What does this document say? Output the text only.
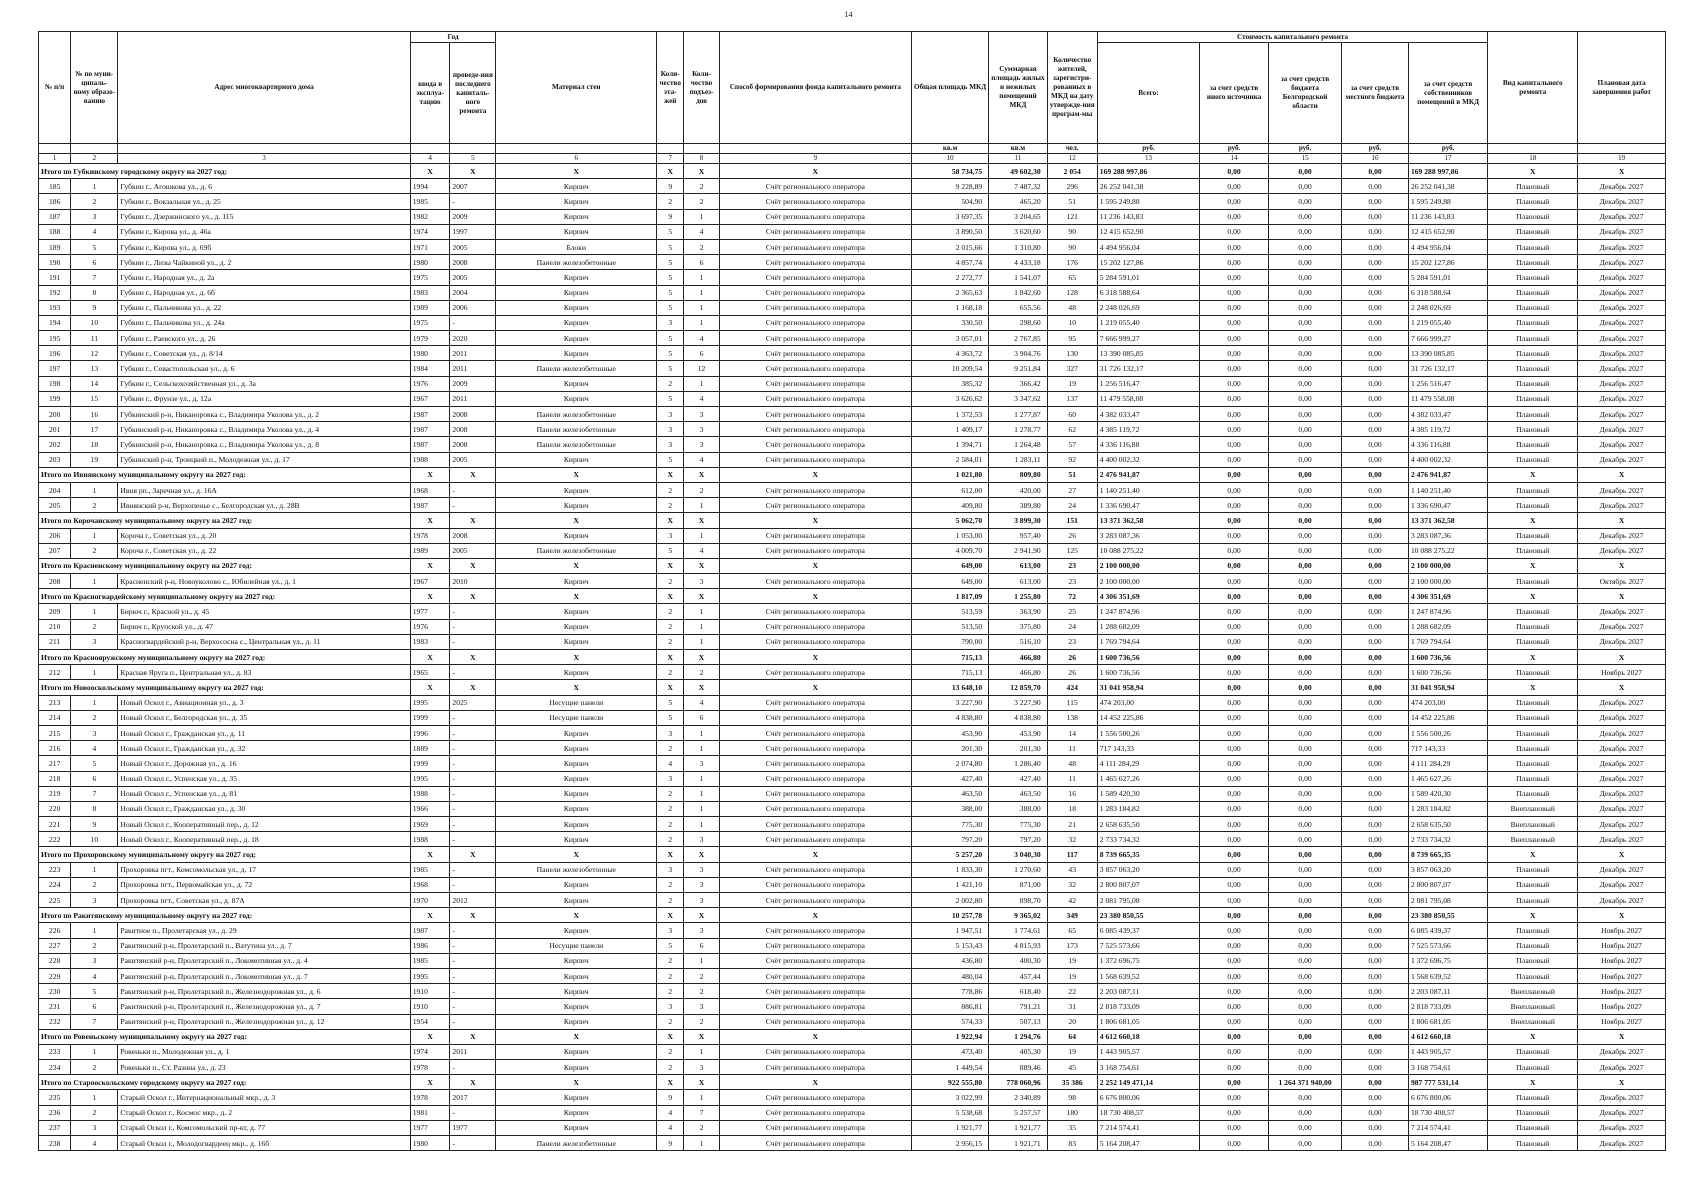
14
№ п/п	№ по муни-ципаль-ному образо-ванию	Адрес многоквартирного дома	Год		Материал стен	Коли-чество эта-жей	Коли-чество подъез-дов	Способ формирования фонда капитального ремонта	Общая площадь МКД	Суммарная площадь жилых и нежилых помещений МКД	Количество жителей, зарегистри-рованных в МКД на дату утвержде-ния програм-мы	Стоимость капитального ремонта					Вид капитального ремонта	Плановая дата завершения работ
			ввода в эксплуа-тацию	проведе-ния последнего капиталь-ного ремонта								Всего:	за счет средств иного источника	за счет средств бюджета Белгородской области	за счет средств местного бюджета	за счет средств собственников помещений в МКД		
									кв.м	кв.м	чел.	руб.	руб.	руб.	руб.	руб.		
1	2	3	4	5	6	7	8	9	10	11	12	13	14	15	16	17	18	19
Итого по Губкинскому городскому округу на 2027 год:			X	X	X	X	X	X	58 734,75	49 602,30	2 054	169 288 997,86	0,00	0,00	0,00	169 288 997,86	X	X
185	1	Губкин г., Агошкова ул., д. 6	1994	2007	Кирпич	9	2	Счёт регионального оператора	9 228,89	7 487,32	296	26 252 041,38	0,00	0,00	0,00	26 252 041,38	Плановый	Декабрь 2027
186	2	Губкин г., Вокзальная ул., д. 25	1985	-	Кирпич	2	2	Счёт регионального оператора	504,90	465,20	51	1 595 249,88	0,00	0,00	0,00	1 595 249,88	Плановый	Декабрь 2027
187	3	Губкин г., Дзержинского ул., д. 115	1982	2009	Кирпич	9	1	Счёт регионального оператора	3 697,35	3 204,65	121	11 236 143,83	0,00	0,00	0,00	11 236 143,83	Плановый	Декабрь 2027
188	4	Губкин г., Кирова ул., д. 46а	1974	1997	Кирпич	5	4	Счёт регионального оператора	3 890,50	3 620,60	90	12 415 652,90	0,00	0,00	0,00	12 415 652,90	Плановый	Декабрь 2027
189	5	Губкин г., Кирова ул., д. 69б	1971	2005	Блоки	5	2	Счёт регионального оператора	2 015,66	1 310,80	90	4 494 956,04	0,00	0,00	0,00	4 494 956,04	Плановый	Декабрь 2027
190	6	Губкин г., Лизы Чайкиной ул., д. 2	1980	2008	Панели железобетонные	5	6	Счёт регионального оператора	4 857,74	4 433,18	176	15 202 127,86	0,00	0,00	0,00	15 202 127,86	Плановый	Декабрь 2027
191	7	Губкин г., Народная ул., д. 2а	1975	2005	Кирпич	5	1	Счёт регионального оператора	2 272,77	1 541,07	65	5 284 591,01	0,00	0,00	0,00	5 284 591,01	Плановый	Декабрь 2027
192	8	Губкин г., Народная ул., д. 6б	1983	2004	Кирпич	5	1	Счёт регионального оператора	2 365,63	1 842,60	128	6 318 588,64	0,00	0,00	0,00	6 318 588,64	Плановый	Декабрь 2027
193	9	Губкин г., Пальчикова ул., д. 22	1989	2006	Кирпич	5	1	Счёт регионального оператора	1 168,18	655,56	48	2 248 026,69	0,00	0,00	0,00	2 248 026,69	Плановый	Декабрь 2027
194	10	Губкин г., Пальчикова ул., д. 24а	1975	-	Кирпич	3	1	Счёт регионального оператора	330,50	298,60	10	1 219 055,40	0,00	0,00	0,00	1 219 055,40	Плановый	Декабрь 2027
195	11	Губкин г., Раевского ул., д. 26	1979	2020	Кирпич	5	4	Счёт регионального оператора	3 057,01	2 767,85	95	7 666 999,27	0,00	0,00	0,00	7 666 999,27	Плановый	Декабрь 2027
196	12	Губкин г., Советская ул., д. 8/14	1980	2011	Кирпич	5	6	Счёт регионального оператора	4 363,72	3 904,76	130	13 390 085,85	0,00	0,00	0,00	13 390 085,85	Плановый	Декабрь 2027
197	13	Губкин г., Севастопольская ул., д. 6	1984	2011	Панели железобетонные	5	12	Счёт регионального оператора	10 209,54	9 251,84	327	31 726 132,17	0,00	0,00	0,00	31 726 132,17	Плановый	Декабрь 2027
198	14	Губкин г., Сельскохозяйственная ул., д. 3а	1976	2009	Кирпич	2	1	Счёт регионального оператора	385,32	366,42	19	1 256 516,47	0,00	0,00	0,00	1 256 516,47	Плановый	Декабрь 2027
199	15	Губкин г., Фрунзе ул., д. 12а	1967	2011	Кирпич	5	4	Счёт регионального оператора	3 626,62	3 347,62	137	11 479 558,08	0,00	0,00	0,00	11 479 558,08	Плановый	Декабрь 2027
200	16	Губкинский р-н, Никаноровка с., Владимира Уколова ул., д. 2	1987	2008	Панели железобетонные	3	3	Счёт регионального оператора	1 372,53	1 277,87	60	4 382 033,47	0,00	0,00	0,00	4 382 033,47	Плановый	Декабрь 2027
201	17	Губкинский р-н, Никаноровка с., Владимира Уколова ул., д. 4	1987	2008	Панели железобетонные	3	3	Счёт регионального оператора	1 409,17	1 278,77	62	4 385 119,72	0,00	0,00	0,00	4 385 119,72	Плановый	Декабрь 2027
202	18	Губкинский р-н, Никаноровка с., Владимира Уколова ул., д. 8	1987	2008	Панели железобетонные	3	3	Счёт регионального оператора	1 394,71	1 264,48	57	4 336 116,88	0,00	0,00	0,00	4 336 116,88	Плановый	Декабрь 2027
203	19	Губкинский р-н, Троицкий п., Молодежная ул., д. 17	1988	2005	Кирпич	5	4	Счёт регионального оператора	2 584,01	1 283,11	92	4 400 002,32	0,00	0,00	0,00	4 400 002,32	Плановый	Декабрь 2027
Итого по Ивнянскому муниципальному округу на 2027 год:			X	X	X	X	X	X	1 021,80	809,80	51	2 476 941,87	0,00	0,00	0,00	2 476 941,87	X	X
204	1	Ивня рп., Заречная ул., д. 16А	1968	-	Кирпич	2	2	Счёт регионального оператора	612,00	420,00	27	1 140 251,40	0,00	0,00	0,00	1 140 251,40	Плановый	Декабрь 2027
205	2	Ивнянский р-н, Верхопенье с., Белгородская ул., д. 28В	1987	-	Кирпич	2	1	Счёт регионального оператора	409,80	389,80	24	1 336 690,47	0,00	0,00	0,00	1 336 690,47	Плановый	Декабрь 2027
Итого по Корочанскому муниципальному округу на 2027 год:			X	X	X	X	X	X	5 062,70	3 899,30	151	13 371 362,58	0,00	0,00	0,00	13 371 362,58	X	X
206	1	Короча г., Советская ул., д. 20	1978	2008	Кирпич	3	1	Счёт регионального оператора	1 053,00	957,40	26	3 283 087,36	0,00	0,00	0,00	3 283 087,36	Плановый	Декабрь 2027
207	2	Короча г., Советская ул., д. 22	1989	2005	Панели железобетонные	5	4	Счёт регионального оператора	4 009,70	2 941,90	125	10 088 275,22	0,00	0,00	0,00	10 088 275,22	Плановый	Декабрь 2027
Итого по Красненскому муниципальному округу на 2027 год:			X	X	X	X	X	X	649,00	613,00	23	2 100 000,00	0,00	0,00	0,00	2 100 000,00	X	X
208	1	Красненский р-н, Новоуколово с., Юбилейная ул., д. 1	1967	2010	Кирпич	2	3	Счёт регионального оператора	649,00	613,00	23	2 100 000,00	0,00	0,00	0,00	2 100 000,00	Плановый	Октябрь 2027
Итого по Красногвардейскому муниципальному округу на 2027 год:			X	X	X	X	X	X	1 817,09	1 255,80	72	4 306 351,69	0,00	0,00	0,00	4 306 351,69	X	X
209	1	Бирюч г., Красной ул., д. 45	1977	-	Кирпич	2	1	Счёт регионального оператора	513,59	363,90	25	1 247 874,96	0,00	0,00	0,00	1 247 874,96	Плановый	Декабрь 2027
210	2	Бирюч г., Крупской ул., д. 47	1976	-	Кирпич	2	1	Счёт регионального оператора	513,50	375,80	24	1 288 682,09	0,00	0,00	0,00	1 288 682,09	Плановый	Декабрь 2027
211	3	Красногвардейский р-н, Верхососна с., Центральная ул., д. 11	1983	-	Кирпич	2	1	Счёт регионального оператора	790,00	516,10	23	1 769 794,64	0,00	0,00	0,00	1 769 794,64	Плановый	Декабрь 2027
Итого по Краснояружскому муниципальному округу на 2027 год:			X	X	X	X	X	X	715,13	466,80	26	1 600 736,56	0,00	0,00	0,00	1 600 736,56	X	X
212	1	Красная Яруга п., Центральная ул., д. 83	1965	-	Кирпич	2	2	Счёт регионального оператора	715,13	466,80	26	1 600 736,56	0,00	0,00	0,00	1 600 736,56	Плановый	Ноябрь 2027
Итого по Новооскольскому муниципальному округу на 2027 год:			X	X	X	X	X	X	13 648,10	12 859,70	424	31 041 958,94	0,00	0,00	0,00	31 041 958,94	X	X
213	1	Новый Оскол г., Авиационная ул., д. 3	1995	2025	Несущие панели	5	4	Счёт регионального оператора	3 227,90	3 227,90	115	474 203,00	0,00	0,00	0,00	474 203,00	Плановый	Декабрь 2027
214	2	Новый Оскол г., Белгородская ул., д. 35	1999	-	Несущие панели	5	6	Счёт регионального оператора	4 838,80	4 838,80	138	14 452 225,86	0,00	0,00	0,00	14 452 225,86	Плановый	Декабрь 2027
215	3	Новый Оскол г., Гражданская ул., д. 11	1996	-	Кирпич	3	1	Счёт регионального оператора	453,90	453,90	14	1 556 500,26	0,00	0,00	0,00	1 556 500,26	Плановый	Декабрь 2027
216	4	Новый Оскол г., Гражданская ул., д. 32	1889	-	Кирпич	2	1	Счёт регионального оператора	201,30	201,30	11	717 143,33	0,00	0,00	0,00	717 143,33	Плановый	Декабрь 2027
217	5	Новый Оскол г., Дорожная ул., д. 16	1999	-	Кирпич	4	3	Счёт регионального оператора	2 074,80	1 286,40	48	4 111 284,29	0,00	0,00	0,00	4 111 284,29	Плановый	Декабрь 2027
218	6	Новый Оскол г., Успенская ул., д. 35	1995	-	Кирпич	3	1	Счёт регионального оператора	427,40	427,40	11	1 465 627,26	0,00	0,00	0,00	1 465 627,26	Плановый	Декабрь 2027
219	7	Новый Оскол г., Успенская ул., д. 81	1988	-	Кирпич	2	1	Счёт регионального оператора	463,50	463,50	16	1 589 420,30	0,00	0,00	0,00	1 589 420,30	Плановый	Декабрь 2027
220	8	Новый Оскол г., Гражданская ул., д. 30	1966	-	Кирпич	2	1	Счёт регионального оператора	388,00	388,00	18	1 283 184,82	0,00	0,00	0,00	1 283 184,82	Внеплановый	Декабрь 2027
221	9	Новый Оскол г., Кооперативный пер., д. 12	1969	-	Кирпич	2	1	Счёт регионального оператора	775,30	775,30	21	2 658 635,50	0,00	0,00	0,00	2 658 635,50	Внеплановый	Декабрь 2027
222	10	Новый Оскол г., Кооперативный пер., д. 18	1988	-	Кирпич	2	3	Счёт регионального оператора	797,20	797,20	32	2 733 734,32	0,00	0,00	0,00	2 733 734,32	Внеплановый	Декабрь 2027
Итого по Прохоровскому муниципальному округу на 2027 год:			X	X	X	X	X	X	5 257,20	3 040,30	117	8 739 665,35	0,00	0,00	0,00	8 739 665,35	X	X
223	1	Прохоровка пгт., Комсомольская ул., д. 17	1985	-	Панели железобетонные	3	3	Счёт регионального оператора	1 833,30	1 270,60	43	3 857 063,20	0,00	0,00	0,00	3 857 063,20	Плановый	Декабрь 2027
224	2	Прохоровка пгт., Первомайская ул., д. 72	1968	-	Кирпич	2	3	Счёт регионального оператора	1 421,10	871,00	32	2 800 807,07	0,00	0,00	0,00	2 800 807,07	Плановый	Декабрь 2027
225	3	Прохоровка пгт., Советская ул., д. 87А	1970	2012	Кирпич	2	3	Счёт регионального оператора	2 002,80	898,70	42	2 081 795,08	0,00	0,00	0,00	2 081 795,08	Плановый	Декабрь 2027
Итого по Ракитянскому муниципальному округу на 2027 год:			X	X	X	X	X	X	10 257,78	9 365,02	349	23 380 850,55	0,00	0,00	0,00	23 380 850,55	X	X
226	1	Ракитное п., Пролетарская ул., д. 29	1987	-	Кирпич	3	3	Счёт регионального оператора	1 947,51	1 774,61	65	6 085 439,37	0,00	0,00	0,00	6 085 439,37	Плановый	Ноябрь 2027
227	2	Ракитянский р-н, Пролетарский п., Ватутина ул., д. 7	1986	-	Несущие панели	5	6	Счёт регионального оператора	5 153,43	4 815,93	173	7 525 573,66	0,00	0,00	0,00	7 525 573,66	Плановый	Ноябрь 2027
228	3	Ракитянский р-н, Пролетарский п., Локомотивная ул., д. 4	1985	-	Кирпич	2	1	Счёт регионального оператора	436,80	400,30	19	1 372 696,75	0,00	0,00	0,00	1 372 696,75	Плановый	Ноябрь 2027
229	4	Ракитянский р-н, Пролетарский п., Локомотивная ул., д. 7	1995	-	Кирпич	2	2	Счёт регионального оператора	480,04	457,44	19	1 568 639,52	0,00	0,00	0,00	1 568 639,52	Плановый	Ноябрь 2027
230	5	Ракитянский р-н, Пролетарский п., Железнодорожная ул., д. 6	1910	-	Кирпич	2	2	Счёт регионального оператора	778,86	618,40	22	2 203 087,11	0,00	0,00	0,00	2 203 087,11	Внеплановый	Ноябрь 2027
231	6	Ракитянский р-н, Пролетарский п., Железнодорожная ул., д. 7	1910	-	Кирпич	3	3	Счёт регионального оператора	886,81	791,21	31	2 818 733,09	0,00	0,00	0,00	2 818 733,09	Внеплановый	Ноябрь 2027
232	7	Ракитянский р-н, Пролетарский п., Железнодорожная ул., д. 12	1954	-	Кирпич	2	2	Счёт регионального оператора	574,33	507,13	20	1 806 681,05	0,00	0,00	0,00	1 806 681,05	Внеплановый	Ноябрь 2027
Итого по Ровеньскому муниципальному округу на 2027 год:			X	X	X	X	X	X	1 922,94	1 294,76	64	4 612 660,18	0,00	0,00	0,00	4 612 660,18	X	X
233	1	Ровеньки п., Молодежная ул., д. 1	1974	2011	Кирпич	2	1	Счёт регионального оператора	473,40	405,30	19	1 443 905,57	0,00	0,00	0,00	1 443 905,57	Плановый	Декабрь 2027
234	2	Ровеньки п., Ст. Разина ул., д. 23	1978	-	Кирпич	2	3	Счёт регионального оператора	1 449,54	889,46	45	3 168 754,61	0,00	0,00	0,00	3 168 754,61	Плановый	Декабрь 2027
Итого по Старооскольскому городскому округу на 2027 год:			X	X	X	X	X	X	922 555,80	778 060,96	35 386	2 252 149 471,14	0,00	1 264 371 940,00	0,00	987 777 531,14	X	X
235	1	Старый Оскол г., Интернациональный мкр., д. 3	1978	2017	Кирпич	9	1	Счёт регионального оператора	3 022,99	2 340,89	98	6 676 800,06	0,00	0,00	0,00	6 676 800,06	Плановый	Декабрь 2027
236	2	Старый Оскол г., Космос мкр., д. 2	1981	-	Кирпич	4	7	Счёт регионального оператора	5 538,68	5 257,57	180	18 730 408,57	0,00	0,00	0,00	18 730 408,57	Плановый	Декабрь 2027
237	3	Старый Оскол г., Комсомольский пр-кт, д. 77	1977	1977	Кирпич	4	2	Счёт регионального оператора	1 921,77	1 921,77	35	7 214 574,41	0,00	0,00	0,00	7 214 574,41	Плановый	Декабрь 2027
238	4	Старый Оскол г., Молодогвардеец мкр., д. 16б	1980	-	Панели железобетонные	9	1	Счёт регионального оператора	2 956,15	1 921,71	83	5 164 208,47	0,00	0,00	0,00	5 164 208,47	Плановый	Декабрь 2027
